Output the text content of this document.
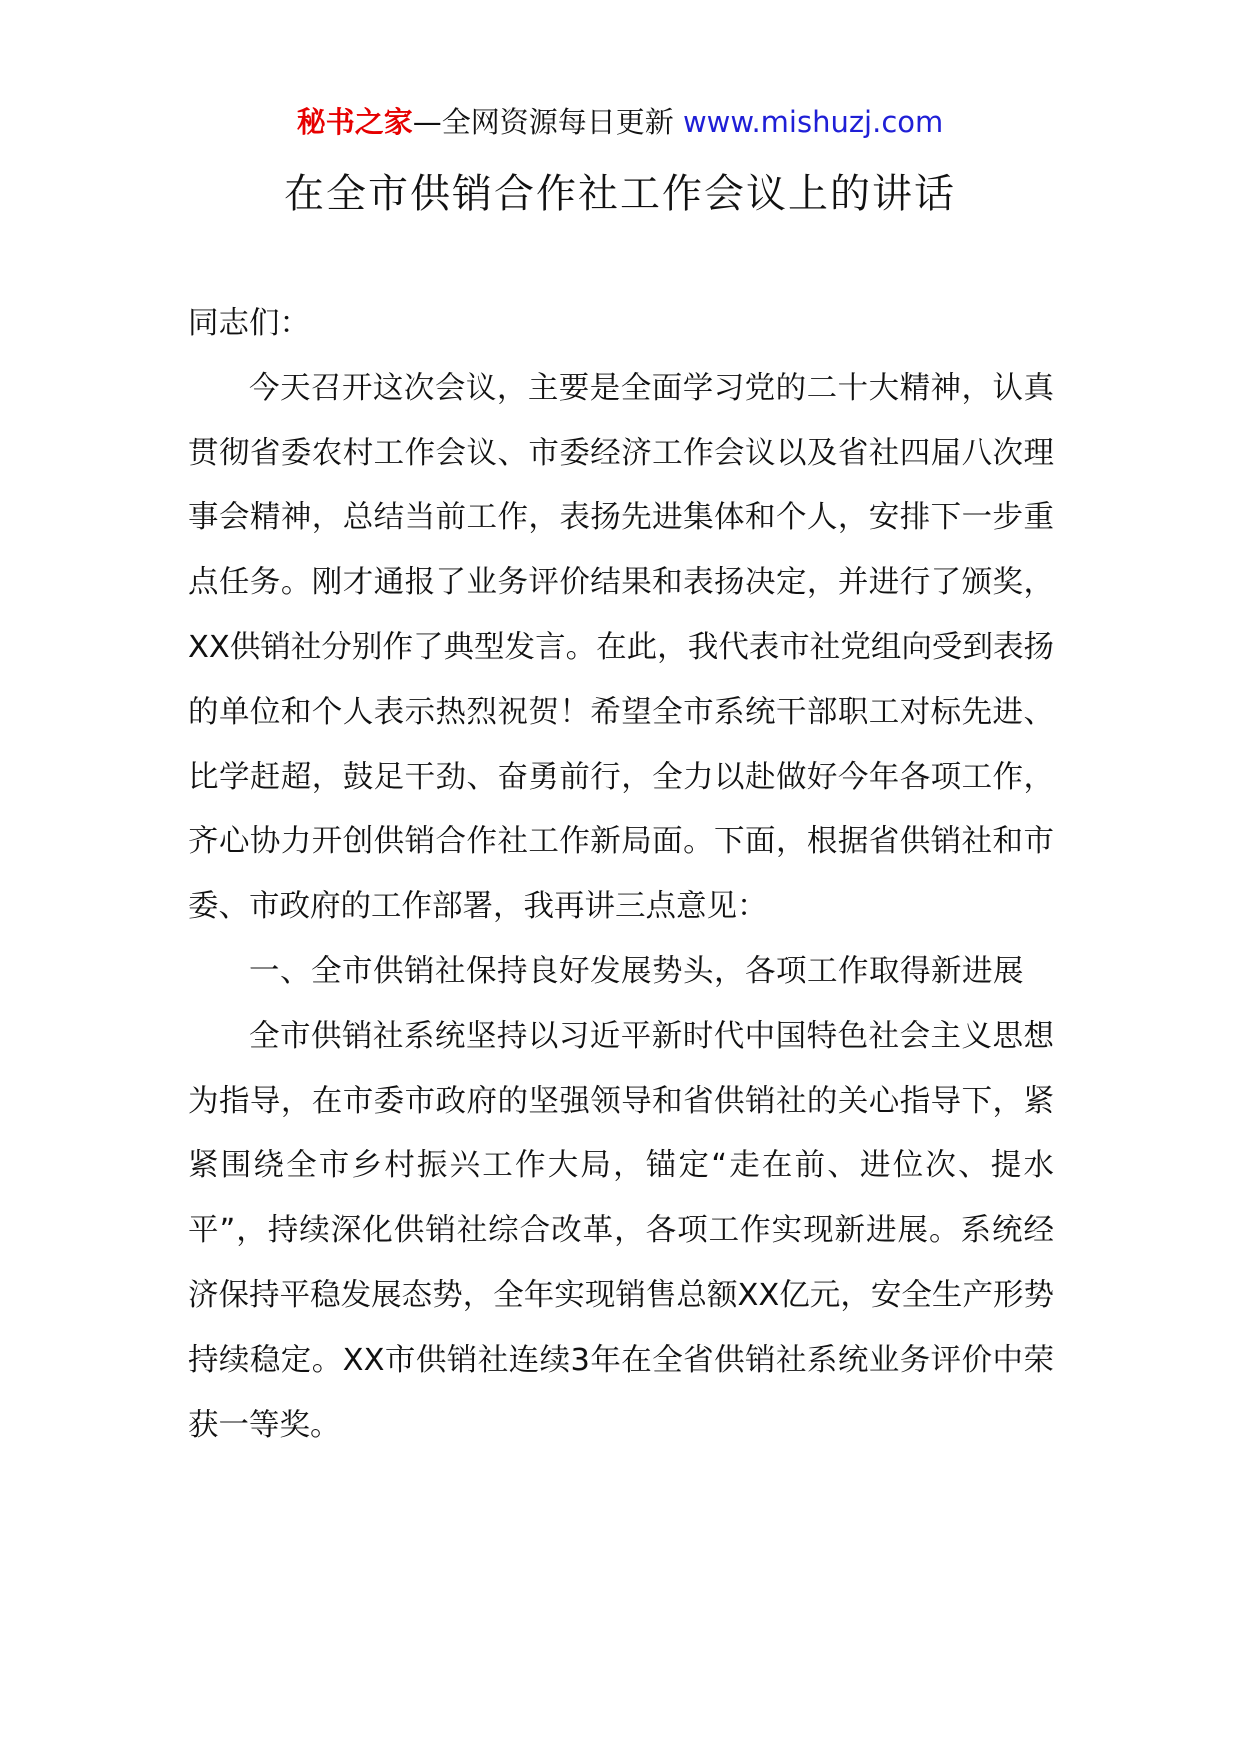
秘书之家—全网资源每日更新 www.mishuzj.com
在全市供销合作社工作会议上的讲话

同志们：

今天召开这次会议，主要是全面学习党的二十大精神，认真贯彻省委农村工作会议、市委经济工作会议以及省社四届八次理事会精神，总结当前工作，表扬先进集体和个人，安排下一步重点任务。刚才通报了业务评价结果和表扬决定，并进行了颁奖，XX供销社分别作了典型发言。在此，我代表市社党组向受到表扬的单位和个人表示热烈祝贺！希望全市系统干部职工对标先进、比学赶超，鼓足干劲、奋勇前行，全力以赴做好今年各项工作，齐心协力开创供销合作社工作新局面。下面，根据省供销社和市委、市政府的工作部署，我再讲三点意见：

一、全市供销社保持良好发展势头，各项工作取得新进展

全市供销社系统坚持以习近平新时代中国特色社会主义思想为指导，在市委市政府的坚强领导和省供销社的关心指导下，紧紧围绕全市乡村振兴工作大局，锚定“走在前、进位次、提水平”，持续深化供销社综合改革，各项工作实现新进展。系统经济保持平稳发展态势，全年实现销售总额XX亿元，安全生产形势持续稳定。XX市供销社连续3年在全省供销社系统业务评价中荣获一等奖。
